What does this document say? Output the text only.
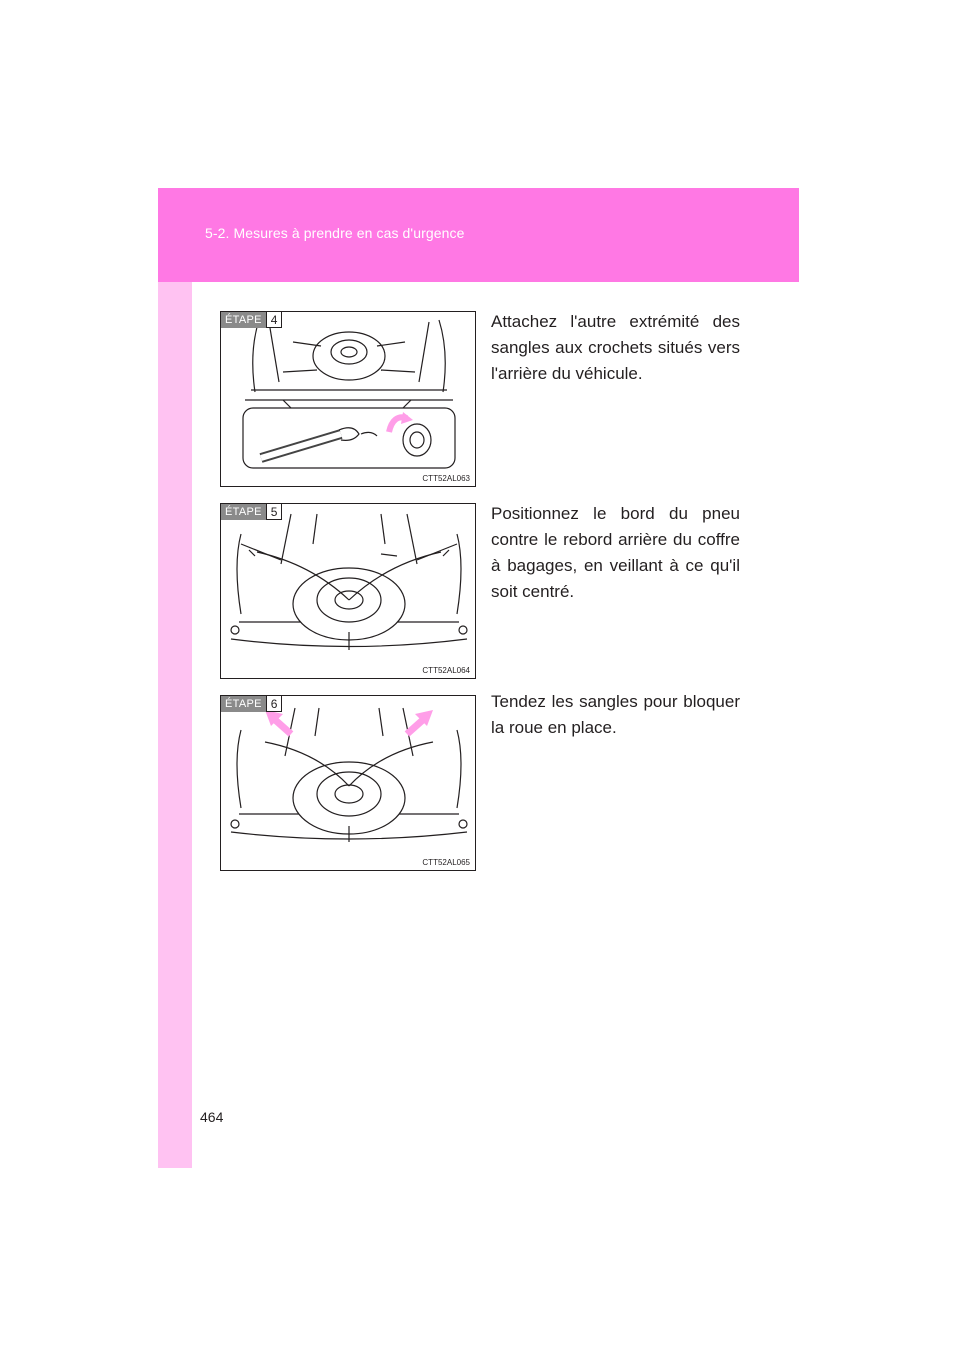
5-2. Mesures à prendre en cas d'urgence
ÉTAPE 4
CTT52AL063
Attachez l'autre extrémité des sangles aux crochets situés vers l'arrière du véhicule.
ÉTAPE 5
CTT52AL064
Positionnez le bord du pneu contre le rebord arrière du coffre à bagages, en veillant à ce qu'il soit centré.
ÉTAPE 6
CTT52AL065
Tendez les sangles pour bloquer la roue en place.
464
